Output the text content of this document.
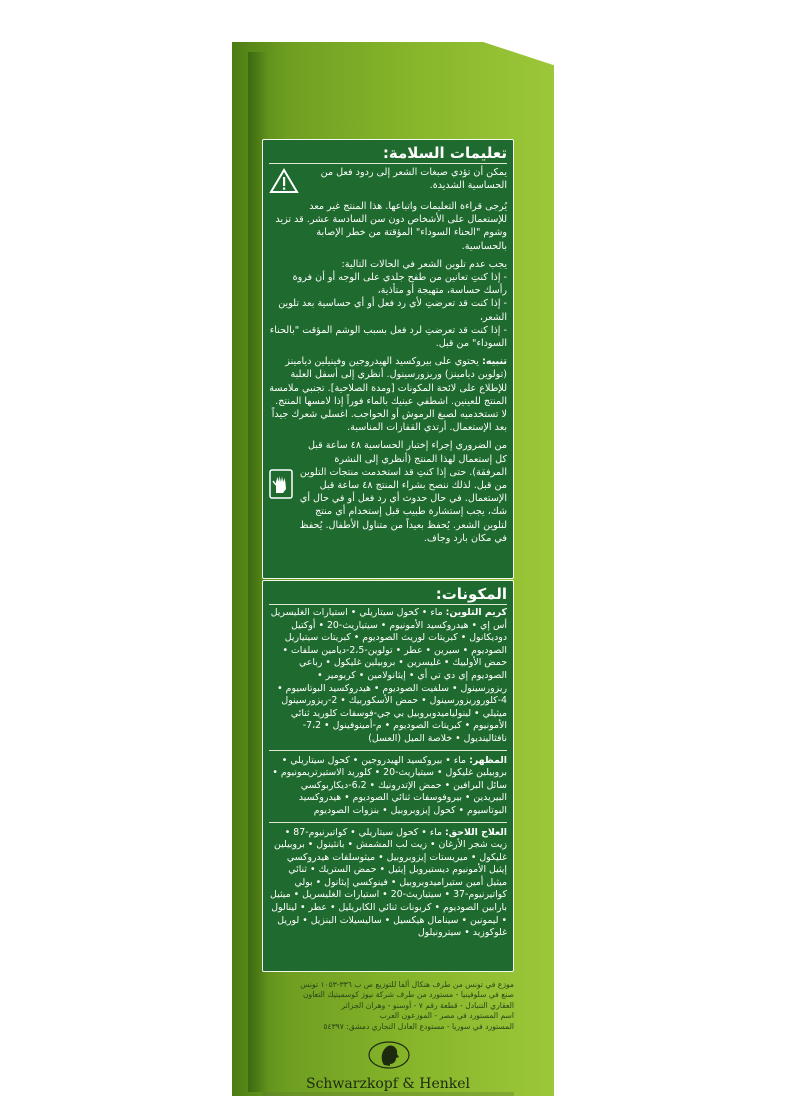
تعليمات السلامة:
يمكن أن تؤدي صبغات الشعر إلى ردود فعل من الحساسية الشديدة.
يُرجى قراءة التعليمات واتباعها. هذا المنتج غير معد للإستعمال على الأشخاص دون سن السادسة عشر. قد تزيد وشوم "الحناء السوداء" المؤقتة من خطر الإصابة بالحساسية.
يجب عدم تلوين الشعر في الحالات التالية:
- إذا كنتِ تعانين من طفح جلدي على الوجه أو أن فروة رأسك حساسة، متهيجة أو متأذية،
- إذا كنت قد تعرضتِ لأي رد فعل أو أي حساسية بعد تلوين الشعر،
- إذا كنت قد تعرضتِ لرد فعل بسبب الوشم المؤقت "بالحناء السوداء" من قبل.
تنبيه: يحتوي على بيروكسيد الهيدروجين وفينيلين ديامينز (تولوين ديامينز) وريزورسينول. أنظري إلى أسفل العلبة للإطلاع على لائحة المكونات [ومدة الصلاحية]. تجنبي ملامسة المنتج للعينين. اشطفي عينيك بالماء فوراً إذا لامسها المنتج. لا تستخدميه لصبغ الرموش أو الحواجب. اغسلي شعرك جيداً بعد الإستعمال. أرتدي القفازات المناسبة.
من الضروري إجراء إختبار الحساسية ٤٨ ساعة قبل كل إستعمال لهذا المنتج (أنظري إلى النشرة المرفقة). حتى إذا كنتِ قد استخدمت منتجات التلوين من قبل. لذلك ننصح بشراء المنتج ٤٨ ساعة قبل الإستعمال. في حال حدوث أي رد فعل أو في حال أي شك، يجب إستشارة طبيب قبل إستخدام أي منتج لتلوين الشعر. يُحفظ بعيداً من متناول الأطفال. يُحفظ في مكان بارد وجاف.
المكونات:
كريم التلوين: ماء • كحول سيتاريلي • استيارات الغليسريل أس إي • هيدروكسيد الأمونيوم • سيتياريث-20 • أوكتيل دوديكانول • كبريتات لوريث الصوديوم • كبريتات سيتياريل الصوديوم • سيرين • عطر • تولوين-2،5-ديامين سلفات • حمض الأولييك • غليسرين • بروبيلين غليكول • رباعي الصوديوم إي دي تي أي • إيثانولامين • كربومير • ريزورسينول • سلفيت الصوديوم • هيدروكسيد البوتاسيوم • 4-كلوروريزورسينول • حمض الأسكوربيك • 2-ريزورسينول ميثيلي • لينولياميدوبروبيل بي جي-فوسفات كلوريد ثنائي الأمونيوم • كبريتات الصوديوم • م-أمينوفينول • 7،2-نافثالينديول • خلاصة الميل (العسل)
المظهر: ماء • بيروكسيد الهيدروجين • كحول سيتاريلي • بروبيلين غليكول • سيتياريث-20 • كلوريد الاستيرتريمونيوم • سائل البرافين • حمض الإتدرونيك • 6،2-ديكاربوكسي البيريدين • بيروفوسفات ثنائي الصوديوم • هيدروكسيد البوتاسيوم • كحول إيزوبروبيل • بنزوات الصوديوم
العلاج اللاحق: ماء • كحول سيتاريلي • كواتيرنيوم-87 • زيت شجر الأرغان • زيت لب المشمش • بانثينول • بروبيلين غليكول • ميريستات إيزوبروبيل • ميثوسلفات هيدروكسي إيثيل الأمونيوم ديستيروبل إيثيل • حمض الستريك • ثنائي ميثيل أمين ستيراميدوبروبيل • فينوكسي إيثانول • بولي كواتيرنيوم-37 • سيتياريث-20 • استيارات الغليسريل • ميثيل بارابين الصوديوم • كربونات ثنائي الكابريليل • عطر • لينالول • ليمونين • سينامال هيكسيل • ساليسيلات البنزيل • لوريل غلوكوزيد • سيترونيلول
موزع في تونس من طرف هنكال ألفا للتوزيع ص ب ٣٣٦-١٠٥٣ تونس
صنع في سلوفينيا - مستورد من طرف شركة نيوز كوسميتيك التعاون
العقاري التنبادل - قطعة رقم ٧ - أوسنو - وهران الجزائر
اسم المستورد في مصر - الموزعون العرب
المستورد في سوريا - مستودع العادل التجاري دمشق: ٥٤٣٩٧
Schwarzkopf & Henkel
